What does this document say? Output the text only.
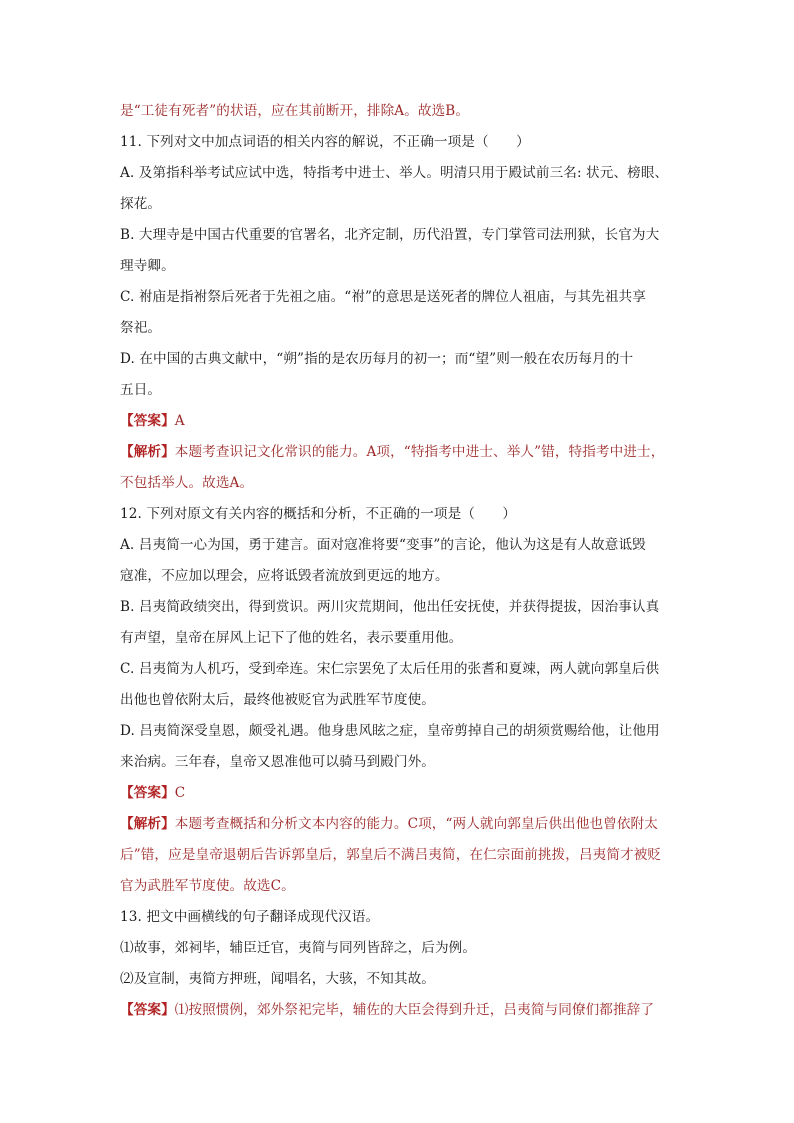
是“工徒有死者”的状语，应在其前断开，排除A。故选B。
11. 下列对文中加点词语的相关内容的解说，不正确一项是（　　）
A. 及第指科举考试应试中选，特指考中进士、举人。明清只用于殿试前三名: 状元、榜眼、
探花。
B. 大理寺是中国古代重要的官署名，北齐定制，历代沿置，专门掌管司法刑狱，长官为大
理寺卿。
C. 祔庙是指袝祭后死者于先祖之庙。“祔”的意思是送死者的牌位人祖庙，与其先祖共享
祭祀。
D. 在中国的古典文献中，“朔”指的是农历每月的初一；而“望”则一般在农历每月的十
五日。
【答案】A
【解析】本题考查识记文化常识的能力。A项，“特指考中进士、举人”错，特指考中进士，
不包括举人。故选A。
12. 下列对原文有关内容的概括和分析，不正确的一项是（　　）
A. 吕夷简一心为国，勇于建言。面对寇准将要“变事”的言论，他认为这是有人故意诋毁
寇准，不应加以理会，应将诋毁者流放到更远的地方。
B. 吕夷简政绩突出，得到赏识。两川灾荒期间，他出任安抚使，并获得提拔，因治事认真
有声望，皇帝在屏风上记下了他的姓名，表示要重用他。
C. 吕夷简为人机巧，受到牵连。宋仁宗罢免了太后任用的张耆和夏竦，两人就向郭皇后供
出他也曾依附太后，最终他被贬官为武胜军节度使。
D. 吕夷简深受皇恩，颇受礼遇。他身患风眩之症，皇帝剪掉自己的胡须赏赐给他，让他用
来治病。三年春，皇帝又恩准他可以骑马到殿门外。
【答案】C
【解析】本题考查概括和分析文本内容的能力。C项，“两人就向郭皇后供出他也曾依附太
后”错，应是皇帝退朝后告诉郭皇后，郭皇后不满吕夷简，在仁宗面前挑拨，吕夷简才被贬
官为武胜军节度使。故选C。
13. 把文中画横线的句子翻译成现代汉语。
⑴故事，郊祠毕，辅臣迁官，夷简与同列皆辞之，后为例。
⑵及宣制，夷简方押班，闻唱名，大骇，不知其故。
【答案】⑴按照惯例，郊外祭祀完毕，辅佐的大臣会得到升迁，吕夷简与同僚们都推辞了
